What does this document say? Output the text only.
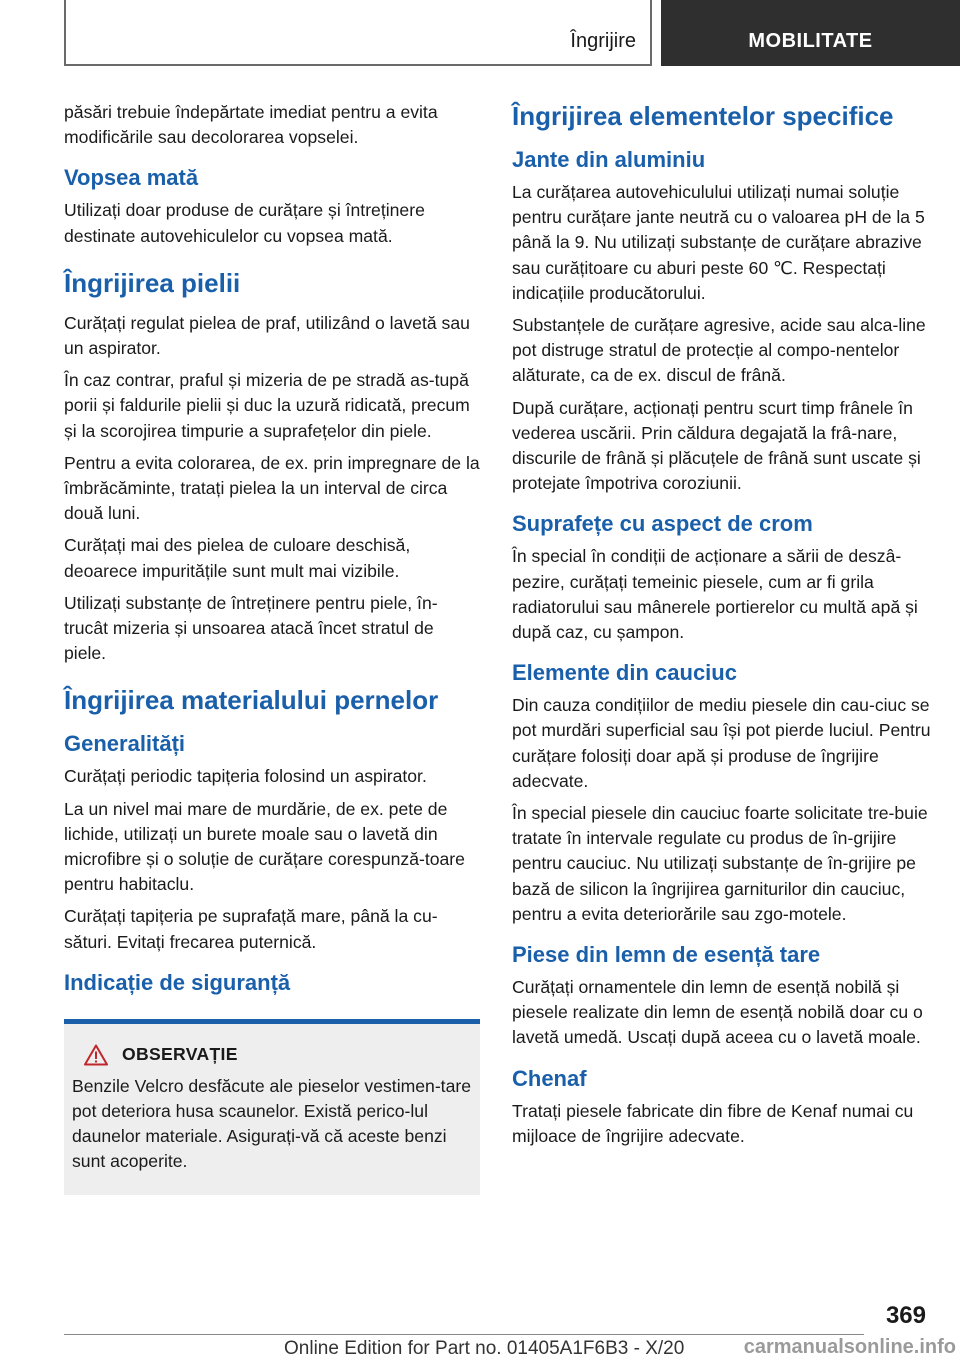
Îngrijire	MOBILITATE

păsări trebuie îndepărtate imediat pentru a evita modificările sau decolorarea vopselei.

Vopsea mată

Utilizați doar produse de curățare și întreținere destinate autovehiculelor cu vopsea mată.

Îngrijirea pielii

Curățați regulat pielea de praf, utilizând o lavetă sau un aspirator.

În caz contrar, praful și mizeria de pe stradă as-tupă porii și faldurile pielii și duc la uzură ridicată, precum și la scorojirea timpurie a suprafețelor din piele.

Pentru a evita colorarea, de ex. prin impregnare de la îmbrăcăminte, tratați pielea la un interval de circa două luni.

Curățați mai des pielea de culoare deschisă, deoarece impuritățile sunt mult mai vizibile.

Utilizați substanțe de întreținere pentru piele, în-trucât mizeria și unsoarea atacă încet stratul de piele.

Îngrijirea materialului pernelor
Generalități

Curățați periodic tapițeria folosind un aspirator.

La un nivel mai mare de murdărie, de ex. pete de lichide, utilizați un burete moale sau o lavetă din microfibre și o soluție de curățare corespunză-toare pentru habitaclu.

Curățați tapițeria pe suprafață mare, până la cu-sături. Evitați frecarea puternică.

Indicație de siguranță
OBSERVAȚIE

Benzile Velcro desfăcute ale pieselor vestimen-tare pot deteriora husa scaunelor. Există perico-lul daunelor materiale. Asigurați-vă că aceste benzi sunt acoperite.

Îngrijirea elementelor specifice
Jante din aluminiu

La curățarea autovehiculului utilizați numai soluție pentru curățare jante neutră cu o valoarea pH de la 5 până la 9. Nu utilizați substanțe de curățare abrazive sau curățitoare cu aburi peste 60 ℃. Respectați indicațiile producătorului.

Substanțele de curățare agresive, acide sau alca-line pot distruge stratul de protecție al compo-nentelor alăturate, ca de ex. discul de frână.

După curățare, acționați pentru scurt timp frânele în vederea uscării. Prin căldura degajată la frâ-nare, discurile de frână și plăcuțele de frână sunt uscate și protejate împotriva coroziunii.

Suprafețe cu aspect de crom

În special în condiții de acționare a sării de deszâ-pezire, curățați temeinic piesele, cum ar fi grila radiatorului sau mânerele portierelor cu multă apă și după caz, cu șampon.

Elemente din cauciuc

Din cauza condițiilor de mediu piesele din cau-ciuc se pot murdări superficial sau își pot pierde luciul. Pentru curățare folosiți doar apă și produse de îngrijire adecvate.

În special piesele din cauciuc foarte solicitate tre-buie tratate în intervale regulate cu produs de în-grijire pentru cauciuc. Nu utilizați substanțe de în-grijire pe bază de silicon la îngrijirea garniturilor din cauciuc, pentru a evita deteriorările sau zgo-motele.

Piese din lemn de esență tare

Curățați ornamentele din lemn de esență nobilă și piesele realizate din lemn de esență nobilă doar cu o lavetă umedă. Uscați după aceea cu o lavetă moale.

Chenaf

Tratați piesele fabricate din fibre de Kenaf numai cu mijloace de îngrijire adecvate.

369
Online Edition for Part no. 01405A1F6B3 - X/20	carmanualsonline.info
